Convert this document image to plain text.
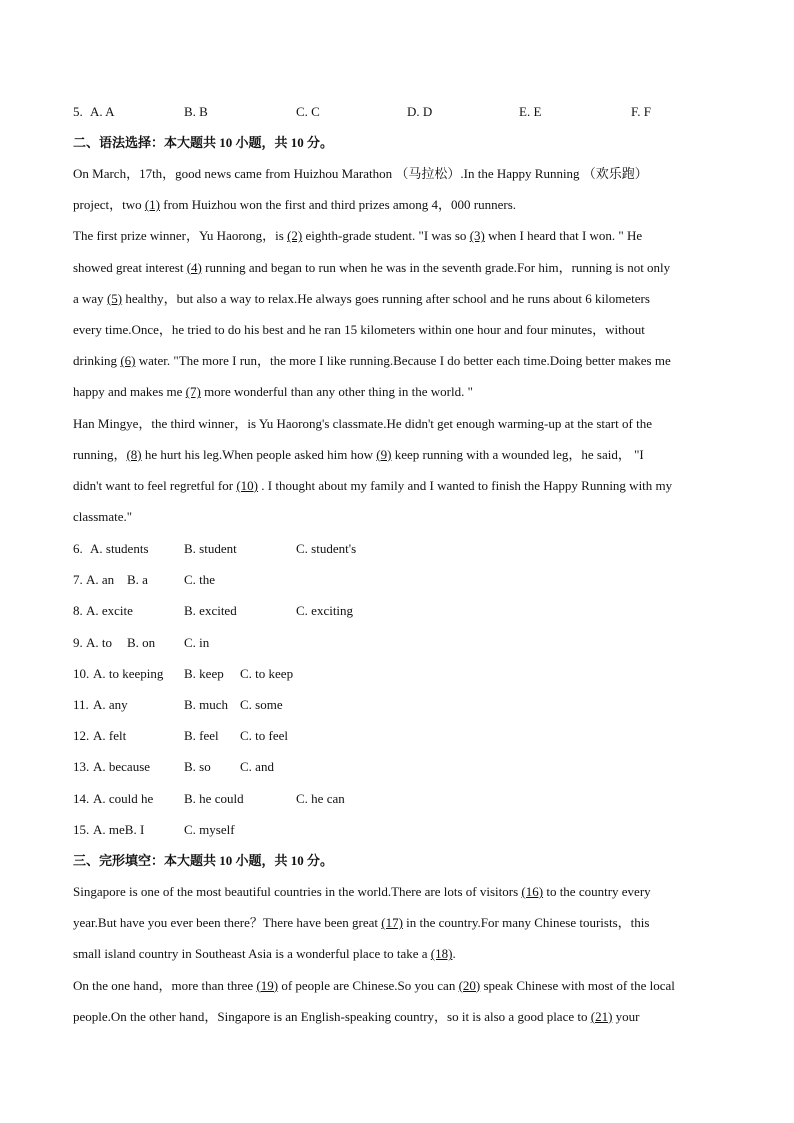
5. A. A	B. B	C. C	D. D	E. E	F. F
二、语法选择：本大题共 10 小题，共 10 分。
On March，17th，good news came from Huizhou Marathon （马拉松）.In the Happy Running （欢乐跑）
project，two (1) from Huizhou won the first and third prizes among 4，000 runners.
The first prize winner，Yu Haorong，is (2) eighth-grade student. "I was so (3) when I heard that I won. " He
showed great interest (4) running and began to run when he was in the seventh grade.For him，running is not only
a way (5) healthy，but also a way to relax.He always goes running after school and he runs about 6 kilometers
every time.Once，he tried to do his best and he ran 15 kilometers within one hour and four minutes，without
drinking (6) water. "The more I run，the more I like running.Because I do better each time.Doing better makes me
happy and makes me (7) more wonderful than any other thing in the world. "
Han Mingye，the third winner，is Yu Haorong's classmate.He didn't get enough warming-up at the start of the
running，(8) he hurt his leg.When people asked him how (9) keep running with a wounded leg，he said， "I
didn't want to feel regretful for (10) . I thought about my family and I wanted to finish the Happy Running with my
classmate."
6. A. students	B. student	C. student's
7. A. an B. a	C. the
8. A. excite	B. excited	C. exciting
9. A. to B. on C. in
10. A. to keeping B. keep C. to keep
11. A. any	B. much C. some
12. A. felt	B. feel C. to feel
13. A. because	B. so C. and
14. A. could he B. he could	C. he can
15. A. meB. I	C. myself
三、完形填空：本大题共 10 小题，共 10 分。
Singapore is one of the most beautiful countries in the world.There are lots of visitors (16) to the country every
year.But have you ever been there？There have been great (17) in the country.For many Chinese tourists，this
small island country in Southeast Asia is a wonderful place to take a (18).
On the one hand，more than three (19) of people are Chinese.So you can (20) speak Chinese with most of the local
people.On the other hand，Singapore is an English-speaking country，so it is also a good place to (21) your
